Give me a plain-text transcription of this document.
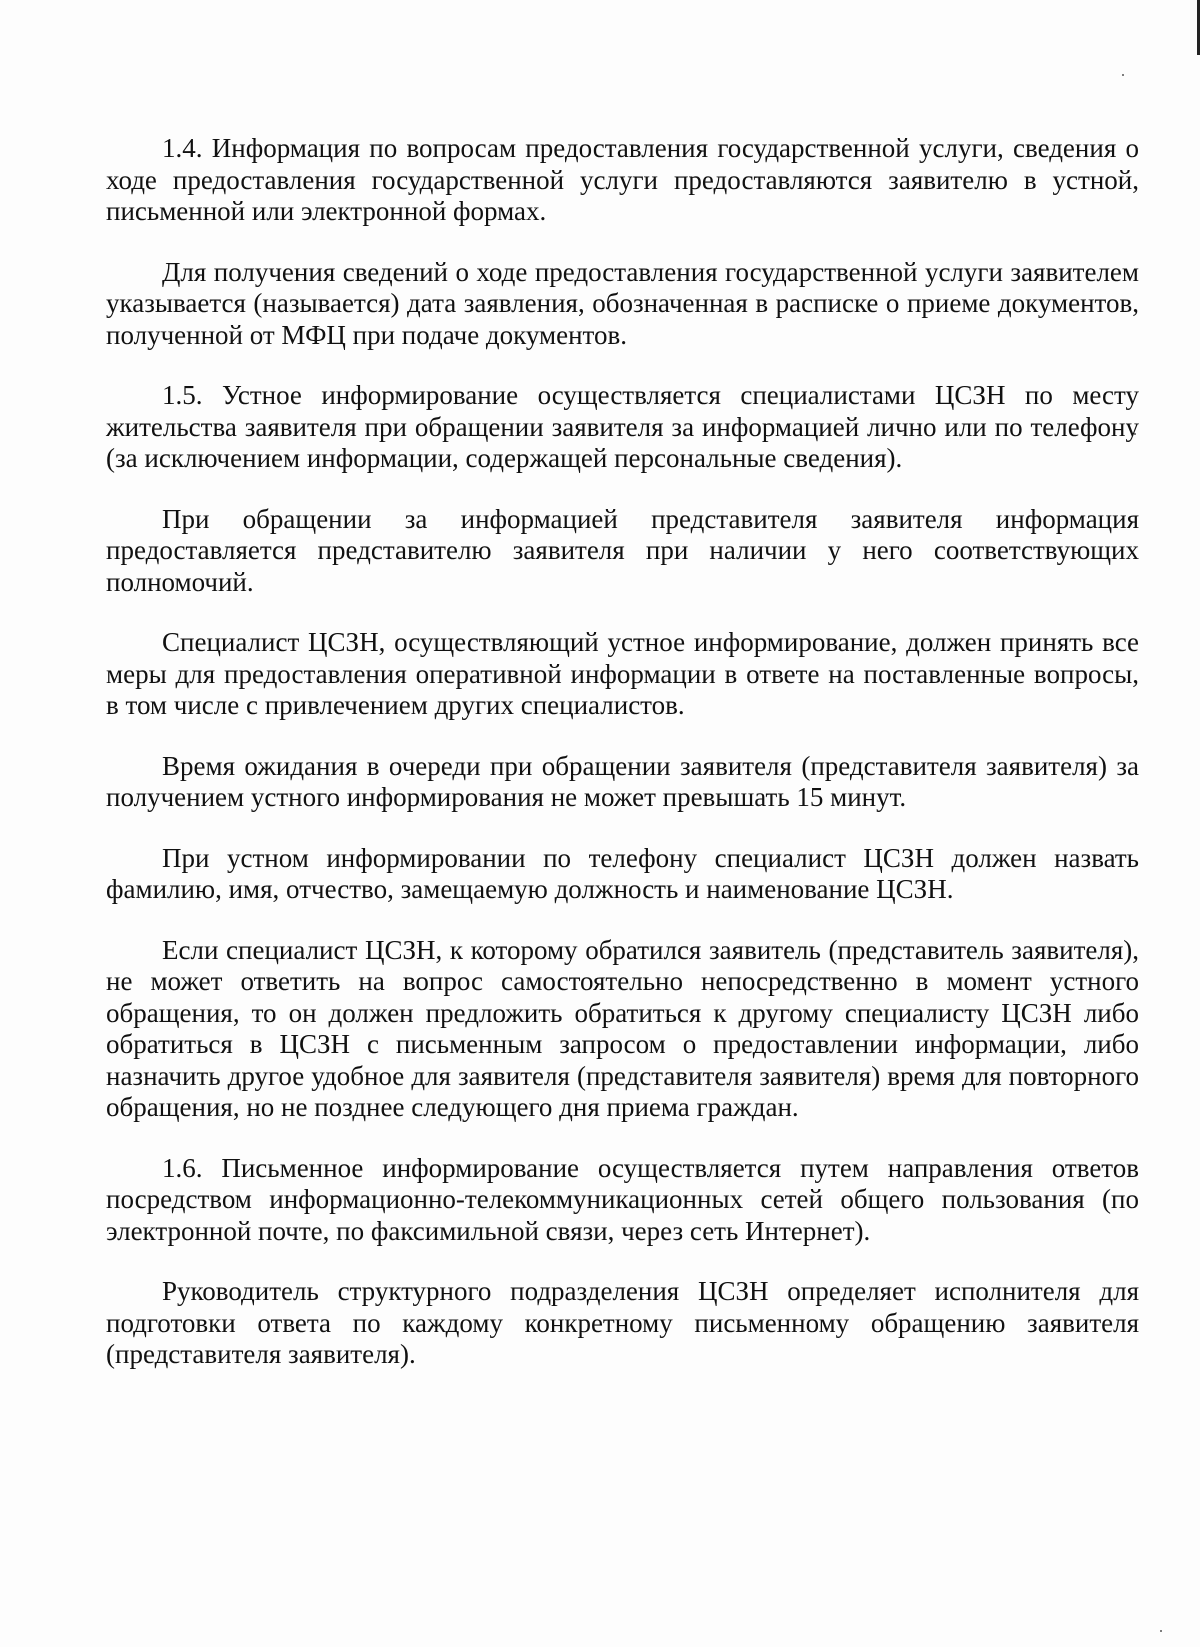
1.4. Информация по вопросам предоставления государственной услуги, сведения о ходе предоставления государственной услуги предоставляются заявителю в устной, письменной или электронной формах.

Для получения сведений о ходе предоставления государственной услуги заявителем указывается (называется) дата заявления, обозначенная в расписке о приеме документов, полученной от МФЦ при подаче документов.

1.5. Устное информирование осуществляется специалистами ЦСЗН по месту жительства заявителя при обращении заявителя за информацией лично или по телефону (за исключением информации, содержащей персональные сведения).

При обращении за информацией представителя заявителя информация предоставляется представителю заявителя при наличии у него соответствующих полномочий.

Специалист ЦСЗН, осуществляющий устное информирование, должен принять все меры для предоставления оперативной информации в ответе на поставленные вопросы, в том числе с привлечением других специалистов.

Время ожидания в очереди при обращении заявителя (представителя заявителя) за получением устного информирования не может превышать 15 минут.

При устном информировании по телефону специалист ЦСЗН должен назвать фамилию, имя, отчество, замещаемую должность и наименование ЦСЗН.

Если специалист ЦСЗН, к которому обратился заявитель (представитель заявителя), не может ответить на вопрос самостоятельно непосредственно в момент устного обращения, то он должен предложить обратиться к другому специалисту ЦСЗН либо обратиться в ЦСЗН с письменным запросом о предоставлении информации, либо назначить другое удобное для заявителя (представителя заявителя) время для повторного обращения, но не позднее следующего дня приема граждан.

1.6. Письменное информирование осуществляется путем направления ответов посредством информационно-телекоммуникационных сетей общего пользования (по электронной почте, по факсимильной связи, через сеть Интернет).

Руководитель структурного подразделения ЦСЗН определяет исполнителя для подготовки ответа по каждому конкретному письменному обращению заявителя (представителя заявителя).
